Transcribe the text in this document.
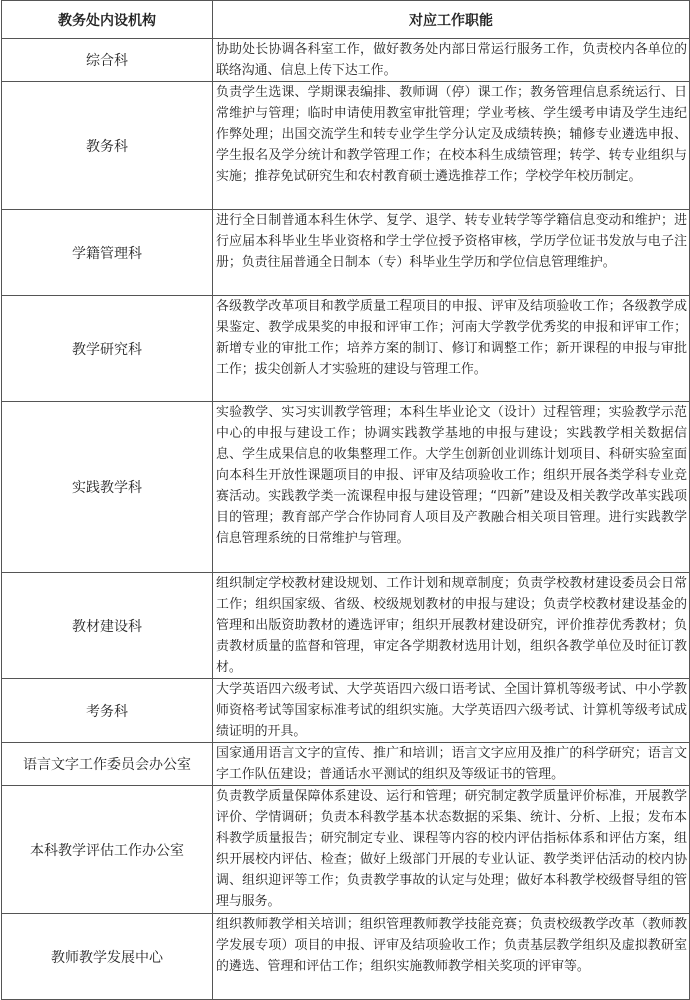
教务处内设机构	对应工作职能
综合科	协助处长协调各科室工作，做好教务处内部日常运行服务工作，负责校内各单位的联络沟通、信息上传下达工作。
教务科	负责学生选课、学期课表编排、教师调（停）课工作；教务管理信息系统运行、日常维护与管理；临时申请使用教室审批管理；学业考核、学生缓考申请及学生违纪作弊处理；出国交流学生和转专业学生学分认定及成绩转换；辅修专业遴选申报、学生报名及学分统计和教学管理工作；在校本科生成绩管理；转学、转专业组织与实施；推荐免试研究生和农村教育硕士遴选推荐工作；学校学年校历制定。
学籍管理科	进行全日制普通本科生休学、复学、退学、转专业转学等学籍信息变动和维护；进行应届本科毕业生毕业资格和学士学位授予资格审核，学历学位证书发放与电子注册；负责往届普通全日制本（专）科毕业生学历和学位信息管理维护。
教学研究科	各级教学改革项目和教学质量工程项目的申报、评审及结项验收工作；各级教学成果鉴定、教学成果奖的申报和评审工作；河南大学教学优秀奖的申报和评审工作；新增专业的审批工作；培养方案的制订、修订和调整工作；新开课程的申报与审批工作；拔尖创新人才实验班的建设与管理工作。
实践教学科	实验教学、实习实训教学管理；本科生毕业论文（设计）过程管理；实验教学示范中心的申报与建设工作；协调实践教学基地的申报与建设；实践教学相关数据信息、学生成果信息的收集整理工作。大学生创新创业训练计划项目、科研实验室面向本科生开放性课题项目的申报、评审及结项验收工作；组织开展各类学科专业竞赛活动。实践教学类一流课程申报与建设管理；“四新”建设及相关教学改革实践项目的管理；教育部产学合作协同育人项目及产教融合相关项目管理。进行实践教学信息管理系统的日常维护与管理。
教材建设科	组织制定学校教材建设规划、工作计划和规章制度；负责学校教材建设委员会日常工作；组织国家级、省级、校级规划教材的申报与建设；负责学校教材建设基金的管理和出版资助教材的遴选评审；组织开展教材建设研究，评价推荐优秀教材；负责教材质量的监督和管理，审定各学期教材选用计划，组织各教学单位及时征订教材。
考务科	大学英语四六级考试、大学英语四六级口语考试、全国计算机等级考试、中小学教师资格考试等国家标准考试的组织实施。大学英语四六级考试、计算机等级考试成绩证明的开具。
语言文字工作委员会办公室	国家通用语言文字的宣传、推广和培训；语言文字应用及推广的科学研究；语言文字工作队伍建设；普通话水平测试的组织及等级证书的管理。
本科教学评估工作办公室	负责教学质量保障体系建设、运行和管理；研究制定教学质量评价标准，开展教学评价、学情调研；负责本科教学基本状态数据的采集、统计、分析、上报；发布本科教学质量报告；研究制定专业、课程等内容的校内评估指标体系和评估方案，组织开展校内评估、检查；做好上级部门开展的专业认证、教学类评估活动的校内协调、组织迎评等工作；负责教学事故的认定与处理；做好本科教学校级督导组的管理与服务。
教师教学发展中心	组织教师教学相关培训；组织管理教师教学技能竞赛；负责校级教学改革（教师教学发展专项）项目的申报、评审及结项验收工作；负责基层教学组织及虚拟教研室的遴选、管理和评估工作；组织实施教师教学相关奖项的评审等。
